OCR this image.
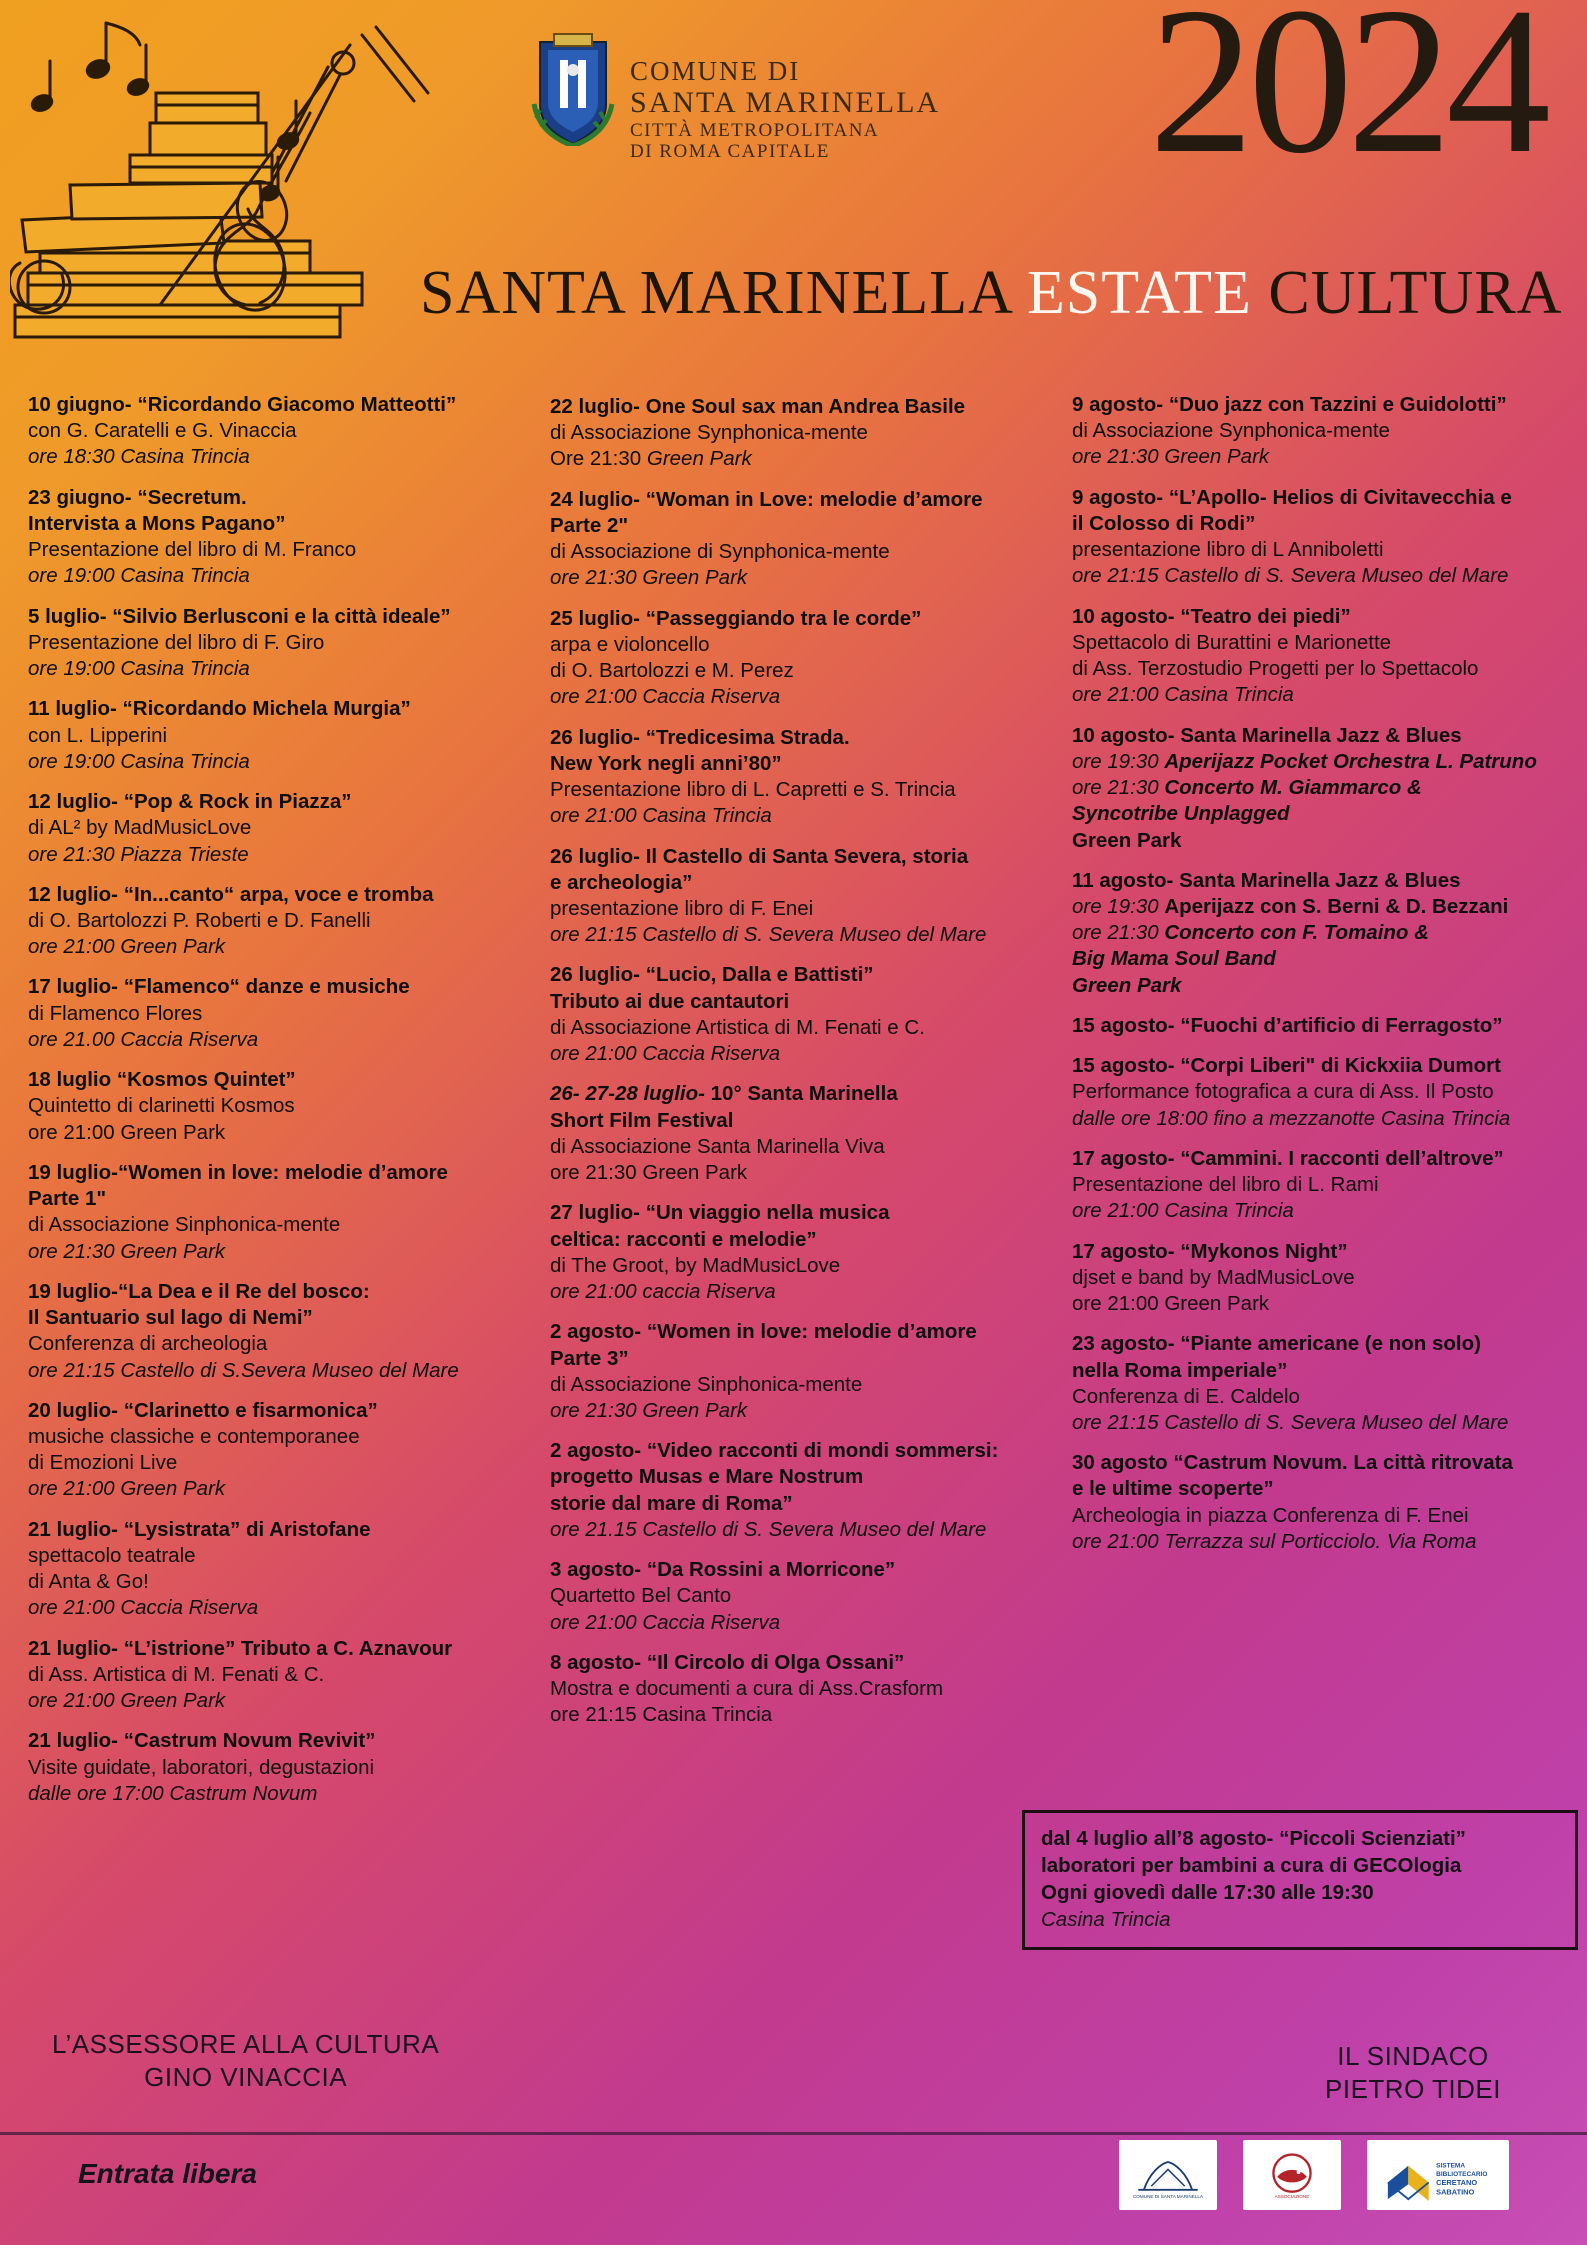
COMUNE DI
SANTA MARINELLA
CITTÀ METROPOLITANA
DI ROMA CAPITALE	2024
SANTA MARINELLA ESTATE CULTURA
10 giugno- “Ricordando Giacomo Matteotti”
con G. Caratelli e G. Vinaccia
ore 18:30 Casina Trincia
23 giugno- “Secretum.
Intervista a Mons Pagano”
Presentazione del libro di M. Franco
ore 19:00 Casina Trincia
5 luglio- “Silvio Berlusconi e la città ideale”
Presentazione del libro di F. Giro
ore 19:00 Casina Trincia
11 luglio- “Ricordando Michela Murgia”
con L. Lipperini
ore 19:00 Casina Trincia
12 luglio- “Pop & Rock in Piazza”
di AL² by MadMusicLove
ore 21:30 Piazza Trieste
12 luglio- “In...canto“ arpa, voce e tromba
di O. Bartolozzi P. Roberti e D. Fanelli
ore 21:00 Green Park
17 luglio- “Flamenco“ danze e musiche
di Flamenco Flores
ore 21.00 Caccia Riserva
18 luglio “Kosmos Quintet”
Quintetto di clarinetti Kosmos
ore 21:00 Green Park
19 luglio-“Women in love: melodie d’amore
Parte 1"
di Associazione Sinphonica-mente
ore 21:30 Green Park
19 luglio-“La Dea e il Re del bosco:
Il Santuario sul lago di Nemi”
Conferenza di archeologia
ore 21:15 Castello di S.Severa Museo del Mare
20 luglio- “Clarinetto e fisarmonica”
musiche classiche e contemporanee
di Emozioni Live
ore 21:00 Green Park
21 luglio- “Lysistrata” di Aristofane
spettacolo teatrale
di Anta & Go!
ore 21:00 Caccia Riserva
21 luglio- “L’istrione” Tributo a C. Aznavour
di Ass. Artistica di M. Fenati & C.
ore 21:00 Green Park
21 luglio- “Castrum Novum Revivit”
Visite guidate, laboratori, degustazioni
dalle ore 17:00 Castrum Novum
22 luglio- One Soul sax man Andrea Basile
di Associazione Synphonica-mente
Ore 21:30 Green Park
24 luglio- “Woman in Love: melodie d’amore
Parte 2"
di Associazione di Synphonica-mente
ore 21:30 Green Park
25 luglio- “Passeggiando tra le corde”
arpa e violoncello
di O. Bartolozzi e M. Perez
ore 21:00 Caccia Riserva
26 luglio- “Tredicesima Strada.
New York negli anni’80”
Presentazione libro di L. Capretti e S. Trincia
ore 21:00 Casina Trincia
26 luglio- Il Castello di Santa Severa, storia
e archeologia”
presentazione libro di F. Enei
ore 21:15 Castello di S. Severa Museo del Mare
26 luglio- “Lucio, Dalla e Battisti”
Tributo ai due cantautori
di Associazione Artistica di M. Fenati e C.
ore 21:00 Caccia Riserva
26- 27-28 luglio- 10° Santa Marinella
Short Film Festival
di Associazione Santa Marinella Viva
ore 21:30 Green Park
27 luglio- “Un viaggio nella musica
celtica: racconti e melodie”
di The Groot, by MadMusicLove
ore 21:00 caccia Riserva
2 agosto- “Women in love: melodie d’amore
Parte 3”
di Associazione Sinphonica-mente
ore 21:30 Green Park
2 agosto- “Video racconti di mondi sommersi:
progetto Musas e Mare Nostrum
storie dal mare di Roma”
ore 21.15 Castello di S. Severa Museo del Mare
3 agosto- “Da Rossini a Morricone”
Quartetto Bel Canto
ore 21:00 Caccia Riserva
8 agosto- “Il Circolo di Olga Ossani”
Mostra e documenti a cura di Ass.Crasform
ore 21:15 Casina Trincia
9 agosto- “Duo jazz con Tazzini e Guidolotti”
di Associazione Synphonica-mente
ore 21:30 Green Park
9 agosto- “L’Apollo- Helios di Civitavecchia e
il Colosso di Rodi”
presentazione libro di L Anniboletti
ore 21:15 Castello di S. Severa Museo del Mare
10 agosto- “Teatro dei piedi”
Spettacolo di Burattini e Marionette
di Ass. Terzostudio Progetti per lo Spettacolo
ore 21:00 Casina Trincia
10 agosto- Santa Marinella Jazz & Blues
ore 19:30 Aperijazz Pocket Orchestra L. Patruno
ore 21:30 Concerto M. Giammarco &
Syncotribe Unplagged
Green Park
11 agosto- Santa Marinella Jazz & Blues
ore 19:30 Aperijazz con S. Berni & D. Bezzani
ore 21:30 Concerto con F. Tomaino &
Big Mama Soul Band
Green Park
15 agosto- “Fuochi d’artificio di Ferragosto”
15 agosto- “Corpi Liberi" di Kickxiia Dumort
Performance fotografica a cura di Ass. Il Posto
dalle ore 18:00 fino a mezzanotte Casina Trincia
17 agosto- “Cammini. I racconti dell’altrove”
Presentazione del libro di L. Rami
ore 21:00 Casina Trincia
17 agosto- “Mykonos Night”
djset e band by MadMusicLove
ore 21:00 Green Park
23 agosto- “Piante americane (e non solo)
nella Roma imperiale”
Conferenza di E. Caldelo
ore 21:15 Castello di S. Severa Museo del Mare
30 agosto “Castrum Novum. La città ritrovata
e le ultime scoperte”
Archeologia in piazza Conferenza di F. Enei
ore 21:00 Terrazza sul Porticciolo. Via Roma
dal 4 luglio all’8 agosto- “Piccoli Scienziati”
laboratori per bambini a cura di GECOlogia
Ogni giovedì dalle 17:30 alle 19:30
Casina Trincia
L’ASSESSORE ALLA CULTURA
GINO VINACCIA
IL SINDACO
PIETRO TIDEI
Entrata libera
COMUNE DI SANTA MARINELLA	ASSOCIAZIONE
SISTEMA
BIBLIOTECARIO
CERETANO
SABATINO
